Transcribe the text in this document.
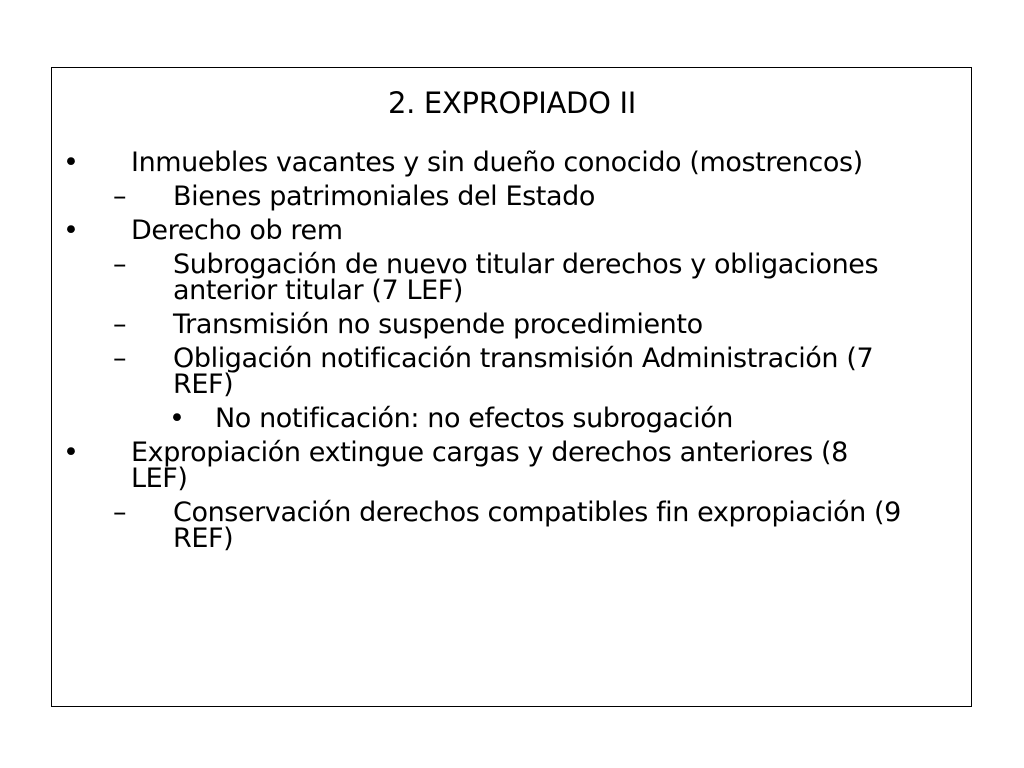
2. EXPROPIADO II
• Inmuebles vacantes y sin dueño conocido (mostrencos)
– Bienes patrimoniales del Estado
• Derecho ob rem
– Subrogación de nuevo titular derechos y obligaciones
anterior titular (7 LEF)
– Transmisión no suspende procedimiento
– Obligación notificación transmisión Administración (7
REF)
• No notificación: no efectos subrogación
• Expropiación extingue cargas y derechos anteriores (8
LEF)
– Conservación derechos compatibles fin expropiación (9
REF)
